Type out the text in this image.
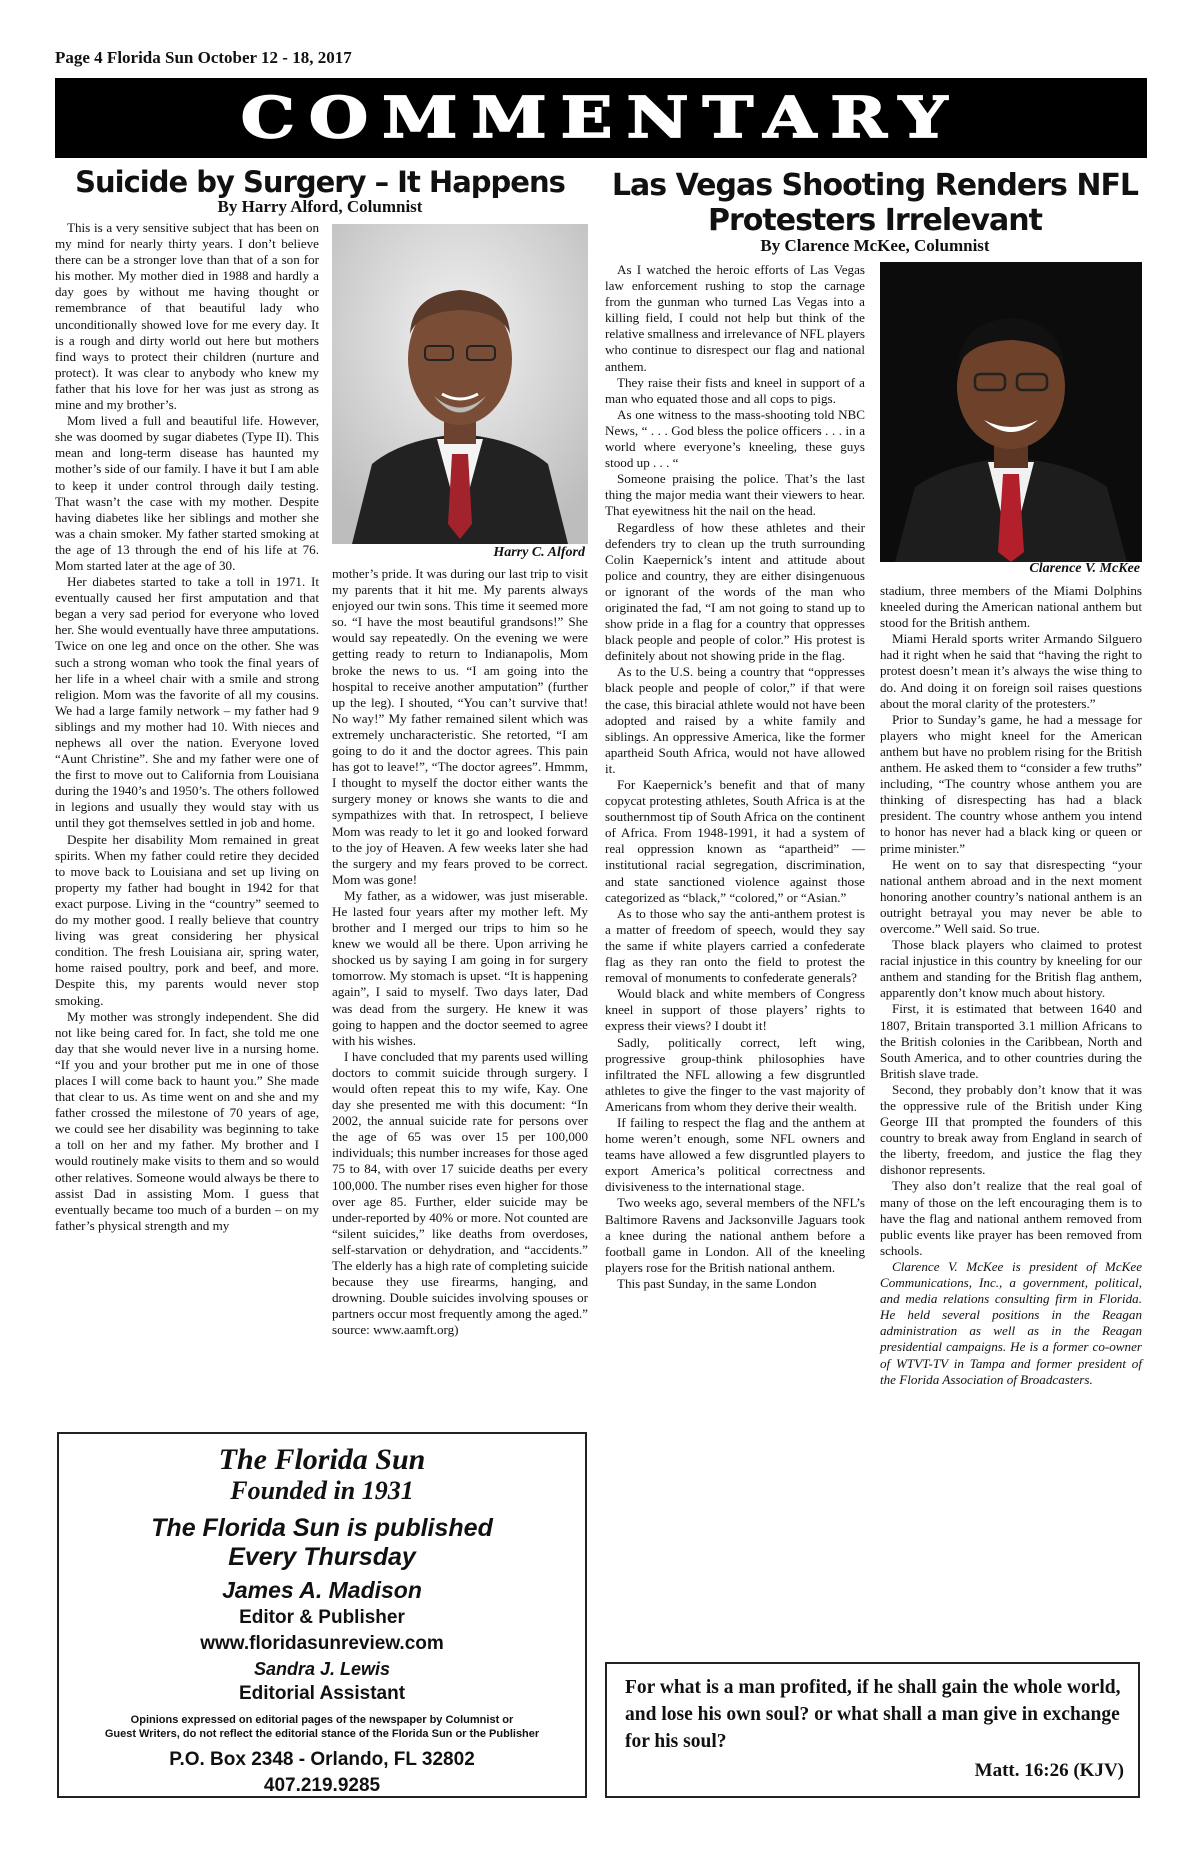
Page 4 Florida Sun October 12 - 18, 2017
COMMENTARY
Suicide by Surgery – It Happens
By Harry Alford, Columnist
Harry C. Alford

This is a very sensitive subject that has been on my mind for nearly thirty years. I don’t believe there can be a stronger love than that of a son for his mother. My mother died in 1988 and hardly a day goes by without me having thought or remembrance of that beautiful lady who unconditionally showed love for me every day. It is a rough and dirty world out here but mothers find ways to protect their children (nurture and protect). It was clear to anybody who knew my father that his love for her was just as strong as mine and my brother’s.

Mom lived a full and beautiful life. However, she was doomed by sugar diabetes (Type II). This mean and long-term disease has haunted my mother’s side of our family. I have it but I am able to keep it under control through daily testing. That wasn’t the case with my mother. Despite having diabetes like her siblings and mother she was a chain smoker. My father started smoking at the age of 13 through the end of his life at 76. Mom started later at the age of 30.

Her diabetes started to take a toll in 1971. It eventually caused her first amputation and that began a very sad period for everyone who loved her. She would eventually have three amputations. Twice on one leg and once on the other. She was such a strong woman who took the final years of her life in a wheel chair with a smile and strong religion. Mom was the favorite of all my cousins. We had a large family network – my father had 9 siblings and my mother had 10. With nieces and nephews all over the nation. Everyone loved “Aunt Christine”. She and my father were one of the first to move out to California from Louisiana during the 1940’s and 1950’s. The others followed in legions and usually they would stay with us until they got themselves settled in job and home.

Despite her disability Mom remained in great spirits. When my father could retire they decided to move back to Louisiana and set up living on property my father had bought in 1942 for that exact purpose. Living in the “country” seemed to do my mother good. I really believe that country living was great considering her physical condition. The fresh Louisiana air, spring water, home raised poultry, pork and beef, and more. Despite this, my parents would never stop smoking.

My mother was strongly independent. She did not like being cared for. In fact, she told me one day that she would never live in a nursing home. “If you and your brother put me in one of those places I will come back to haunt you.” She made that clear to us. As time went on and she and my father crossed the milestone of 70 years of age, we could see her disability was beginning to take a toll on her and my father. My brother and I would routinely make visits to them and so would other relatives. Someone would always be there to assist Dad in assisting Mom. I guess that eventually became too much of a burden – on my father’s physical strength and my

mother’s pride. It was during our last trip to visit my parents that it hit me. My parents always enjoyed our twin sons. This time it seemed more so. “I have the most beautiful grandsons!” She would say repeatedly. On the evening we were getting ready to return to Indianapolis, Mom broke the news to us. “I am going into the hospital to receive another amputation” (further up the leg). I shouted, “You can’t survive that! No way!” My father remained silent which was extremely uncharacteristic. She retorted, “I am going to do it and the doctor agrees. This pain has got to leave!”, “The doctor agrees”. Hmmm, I thought to myself the doctor either wants the surgery money or knows she wants to die and sympathizes with that. In retrospect, I believe Mom was ready to let it go and looked forward to the joy of Heaven. A few weeks later she had the surgery and my fears proved to be correct. Mom was gone!

My father, as a widower, was just miserable. He lasted four years after my mother left. My brother and I merged our trips to him so he knew we would all be there. Upon arriving he shocked us by saying I am going in for surgery tomorrow. My stomach is upset. “It is happening again”, I said to myself. Two days later, Dad was dead from the surgery. He knew it was going to happen and the doctor seemed to agree with his wishes.

I have concluded that my parents used willing doctors to commit suicide through surgery. I would often repeat this to my wife, Kay. One day she presented me with this document: “In 2002, the annual suicide rate for persons over the age of 65 was over 15 per 100,000 individuals; this number increases for those aged 75 to 84, with over 17 suicide deaths per every 100,000. The number rises even higher for those over age 85. Further, elder suicide may be under-reported by 40% or more. Not counted are “silent suicides,” like deaths from overdoses, self-starvation or dehydration, and “accidents.” The elderly has a high rate of completing suicide because they use firearms, hanging, and drowning. Double suicides involving spouses or partners occur most frequently among the aged.” source: www.aamft.org)

Las Vegas Shooting Renders NFL Protesters Irrelevant
By Clarence McKee, Columnist
Clarence V. McKee

As I watched the heroic efforts of Las Vegas law enforcement rushing to stop the carnage from the gunman who turned Las Vegas into a killing field, I could not help but think of the relative smallness and irrelevance of NFL players who continue to disrespect our flag and national anthem.

They raise their fists and kneel in support of a man who equated those and all cops to pigs.

As one witness to the mass-shooting told NBC News, “ . . . God bless the police officers . . . in a world where everyone’s kneeling, these guys stood up . . . “

Someone praising the police. That’s the last thing the major media want their viewers to hear. That eyewitness hit the nail on the head.

Regardless of how these athletes and their defenders try to clean up the truth surrounding Colin Kaepernick’s intent and attitude about police and country, they are either disingenuous or ignorant of the words of the man who originated the fad, “I am not going to stand up to show pride in a flag for a country that oppresses black people and people of color.” His protest is definitely about not showing pride in the flag.

As to the U.S. being a country that “oppresses black people and people of color,” if that were the case, this biracial athlete would not have been adopted and raised by a white family and siblings. An oppressive America, like the former apartheid South Africa, would not have allowed it.

For Kaepernick’s benefit and that of many copycat protesting athletes, South Africa is at the southernmost tip of South Africa on the continent of Africa. From 1948-1991, it had a system of real oppression known as “apartheid” — institutional racial segregation, discrimination, and state sanctioned violence against those categorized as “black,” “colored,” or “Asian.”

As to those who say the anti-anthem protest is a matter of freedom of speech, would they say the same if white players carried a confederate flag as they ran onto the field to protest the removal of monuments to confederate generals?

Would black and white members of Congress kneel in support of those players’ rights to express their views? I doubt it!

Sadly, politically correct, left wing, progressive group-think philosophies have infiltrated the NFL allowing a few disgruntled athletes to give the finger to the vast majority of Americans from whom they derive their wealth.

If failing to respect the flag and the anthem at home weren’t enough, some NFL owners and teams have allowed a few disgruntled players to export America’s political correctness and divisiveness to the international stage.

Two weeks ago, several members of the NFL’s Baltimore Ravens and Jacksonville Jaguars took a knee during the national anthem before a football game in London. All of the kneeling players rose for the British national anthem.

This past Sunday, in the same London

stadium, three members of the Miami Dolphins kneeled during the American national anthem but stood for the British anthem.

Miami Herald sports writer Armando Silguero had it right when he said that “having the right to protest doesn’t mean it’s always the wise thing to do. And doing it on foreign soil raises questions about the moral clarity of the protesters.”

Prior to Sunday’s game, he had a message for players who might kneel for the American anthem but have no problem rising for the British anthem. He asked them to “consider a few truths” including, “The country whose anthem you are thinking of disrespecting has had a black president. The country whose anthem you intend to honor has never had a black king or queen or prime minister.”

He went on to say that disrespecting “your national anthem abroad and in the next moment honoring another country’s national anthem is an outright betrayal you may never be able to overcome.” Well said. So true.

Those black players who claimed to protest racial injustice in this country by kneeling for our anthem and standing for the British flag anthem, apparently don’t know much about history.

First, it is estimated that between 1640 and 1807, Britain transported 3.1 million Africans to the British colonies in the Caribbean, North and South America, and to other countries during the British slave trade.

Second, they probably don’t know that it was the oppressive rule of the British under King George III that prompted the founders of this country to break away from England in search of the liberty, freedom, and justice the flag they dishonor represents.

They also don’t realize that the real goal of many of those on the left encouraging them is to have the flag and national anthem removed from public events like prayer has been removed from schools.

Clarence V. McKee is president of McKee Communications, Inc., a government, political, and media relations consulting firm in Florida. He held several positions in the Reagan administration as well as in the Reagan presidential campaigns. He is a former co-owner of WTVT-TV in Tampa and former president of the Florida Association of Broadcasters.

The Florida Sun
Founded in 1931
The Florida Sun is published
Every Thursday
James A. Madison
Editor & Publisher
www.floridasunreview.com
Sandra J. Lewis
Editorial Assistant
Opinions expressed on editorial pages of the newspaper by Columnist or
Guest Writers, do not reflect the editorial stance of the Florida Sun or the Publisher
P.O. Box 2348 - Orlando, FL 32802
407.219.9285
For what is a man profited, if he shall gain the whole world, and lose his own soul? or what shall a man give in exchange for his soul?
Matt. 16:26 (KJV)
